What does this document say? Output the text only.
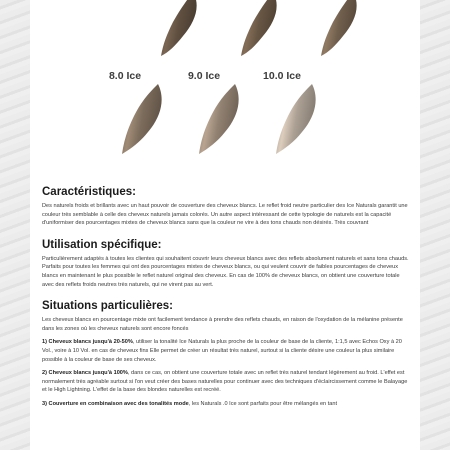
8.0 Ice	9.0 Ice	10.0 Ice
Caractéristiques:

Des naturels froids et brillants avec un haut pouvoir de couverture des cheveux blancs. Le reflet froid neutre particulier des Ice Naturals garantit une couleur très semblable à celle des cheveux naturels jamais colorés. Un autre aspect intéressant de cette typologie de naturels est la capacité d'uniformiser des pourcentages mixtes de cheveux blancs sans que la couleur ne vire à des tons chauds non désirés. Très couvrant

Utilisation spécifique:

Particulièrement adaptés à toutes les clientes qui souhaitent couvrir leurs cheveux blancs avec des reflets absolument naturels et sans tons chauds. Parfaits pour toutes les femmes qui ont des pourcentages mixtes de cheveux blancs, ou qui veulent couvrir de faibles pourcentages de cheveux blancs en maintenant le plus possible le reflet naturel original des cheveux. En cas de 100% de cheveux blancs, on obtient une couverture totale avec des reflets froids neutres très naturels, qui ne virent pas au vert.

Situations particulières:

Les cheveux blancs en pourcentage mixte ont facilement tendance à prendre des reflets chauds, en raison de l'oxydation de la mélanine présente dans les zones où les cheveux naturels sont encore foncés

1) Cheveux blancs jusqu'à 20-50%, utiliser la tonalité Ice Naturals la plus proche de la couleur de base de la cliente, 1:1,5 avec Echos Oxy à 20 Vol., voire à 10 Vol. en cas de cheveux fins Elle permet de créer un résultat très naturel, surtout si la cliente désire une couleur la plus similaire possible à la couleur de base de ses cheveux.

2) Cheveux blancs jusqu'à 100%, dans ce cas, on obtient une couverture totale avec un reflet très naturel tendant légèrement au froid. L'effet est normalement très agréable surtout si l'on veut créer des bases naturelles pour continuer avec des techniques d'éclaircissement comme le Balayage et le High Lightning. L'effet de la base des blondes naturelles est recréé.

3) Couverture en combinaison avec des tonalités mode, les Naturals .0 Ice sont parfaits pour être mélangés en tant
